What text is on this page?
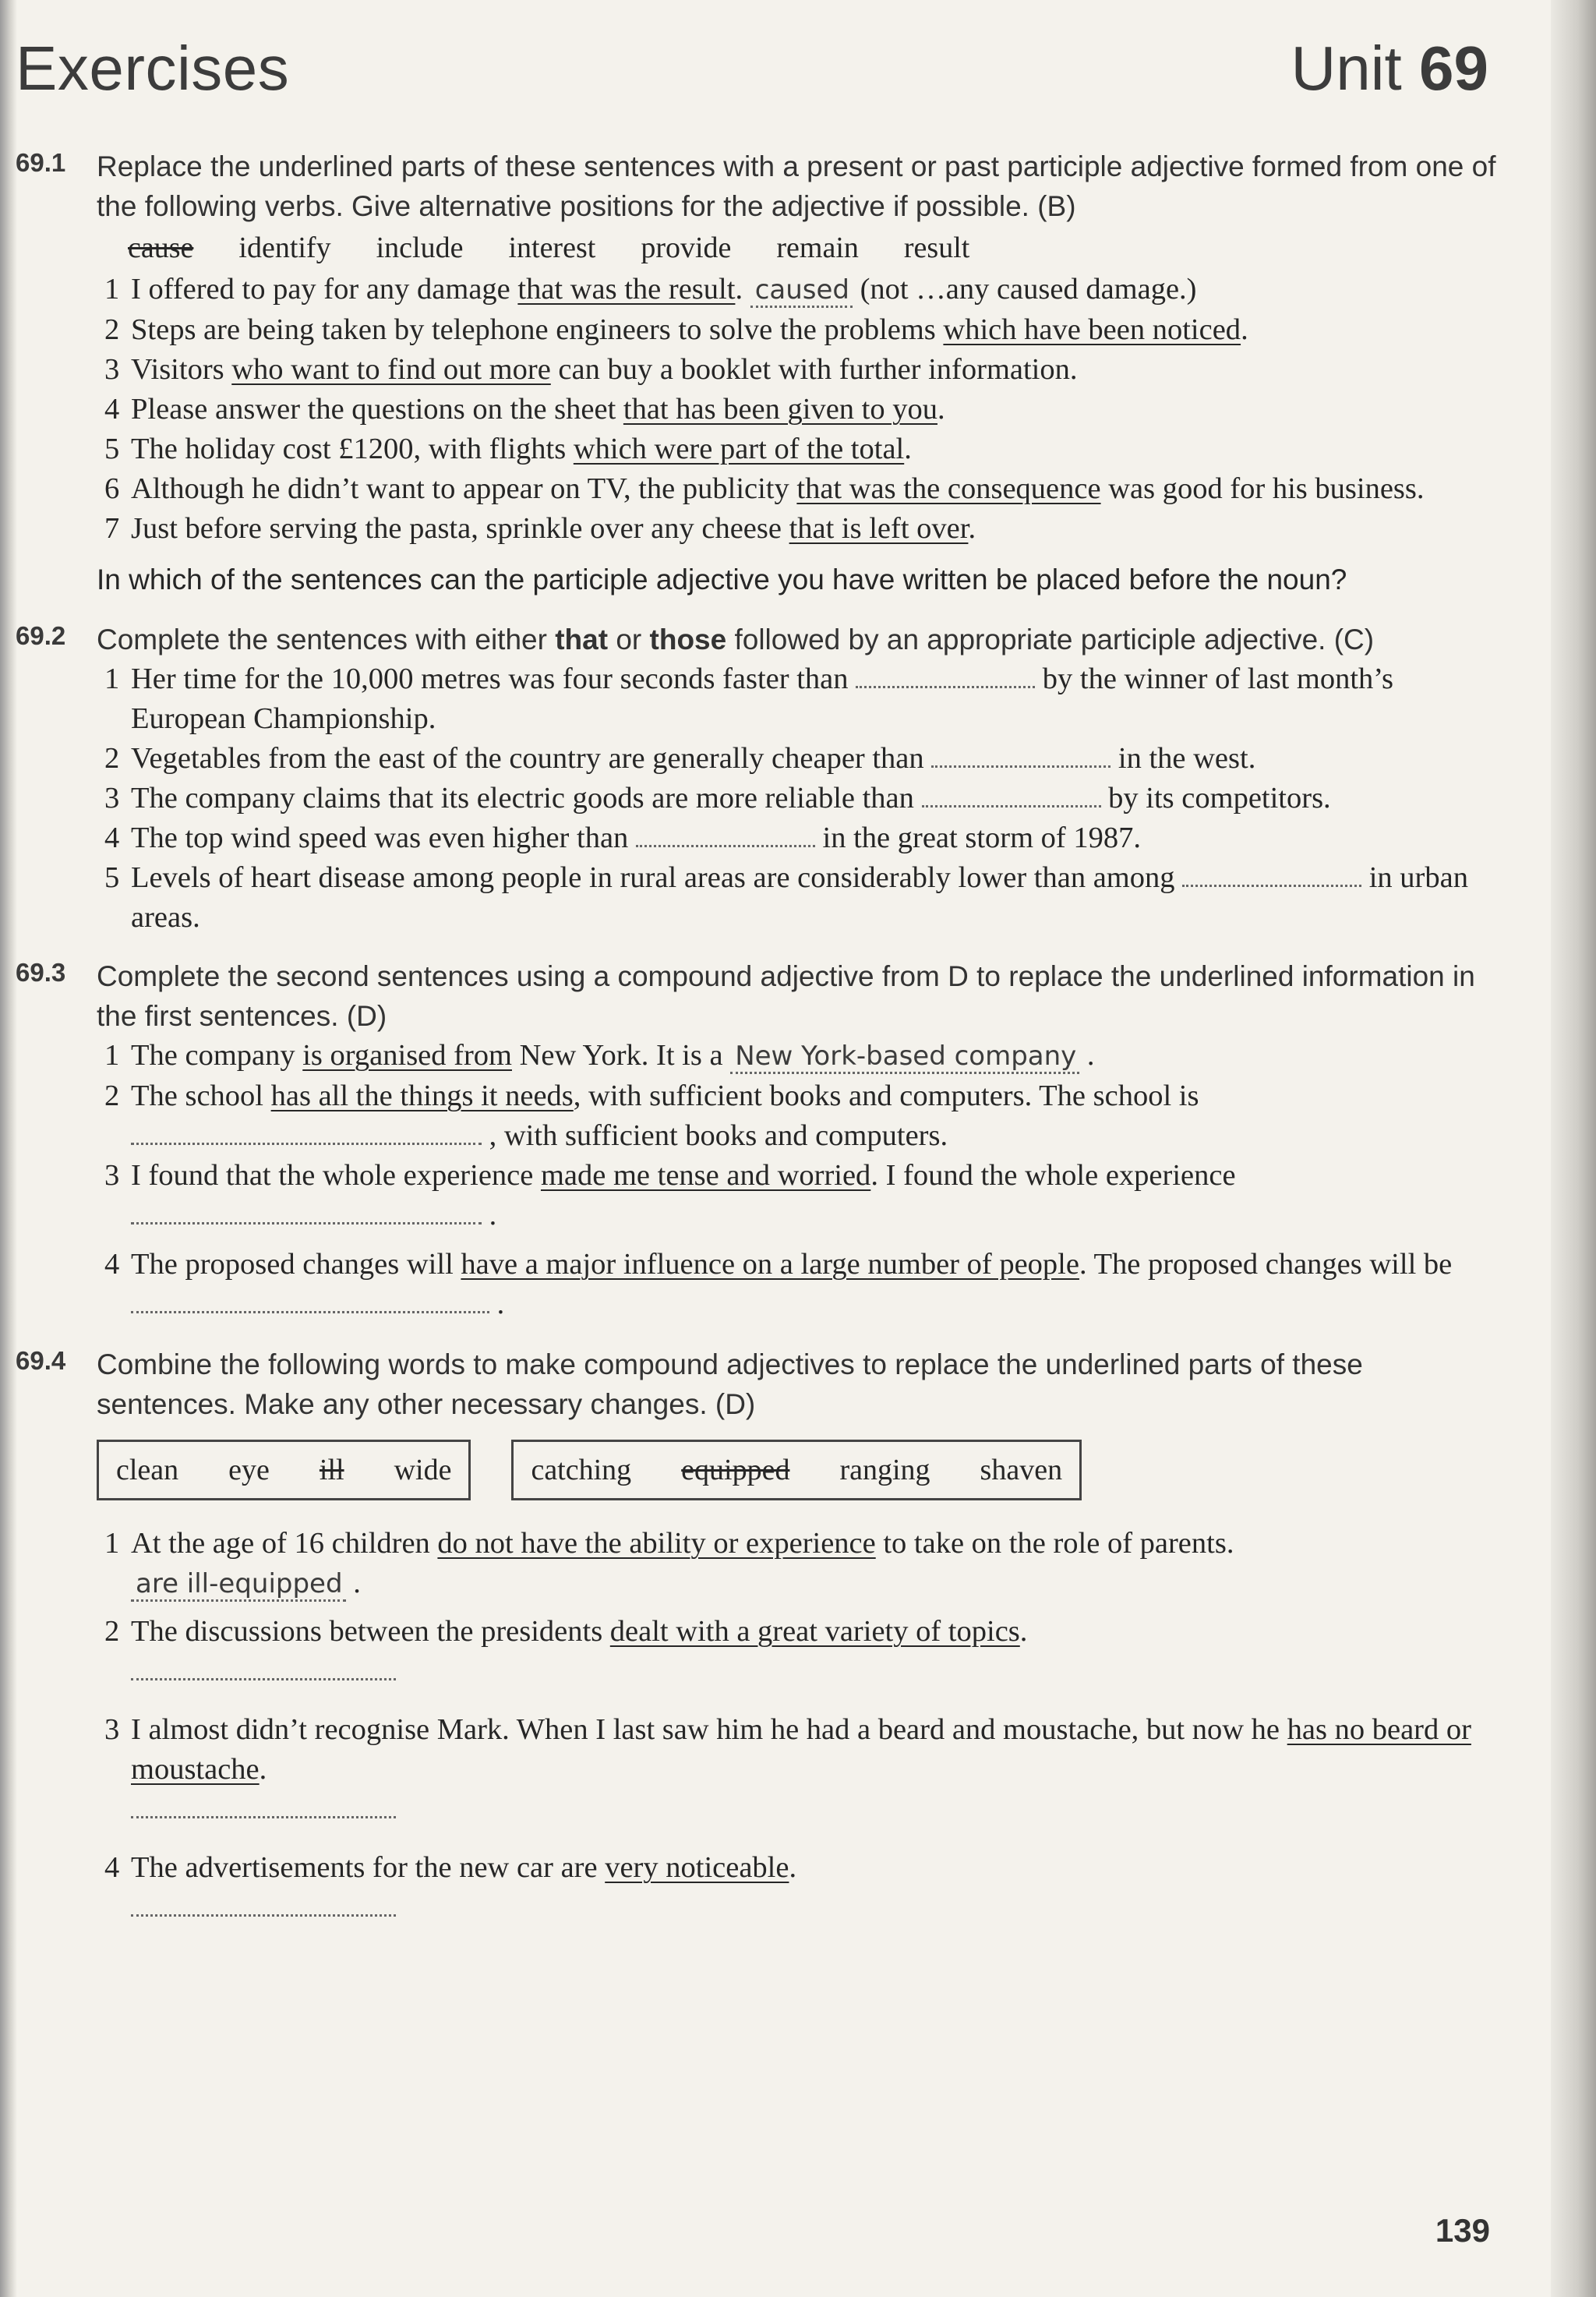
Exercises	Unit 69
69.1 Replace the underlined parts of these sentences with a present or past participle adjective formed from one of the following verbs. Give alternative positions for the adjective if possible. (B)
cause identify include interest provide remain result
1 I offered to pay for any damage that was the result. caused (not …any caused damage.)
2 Steps are being taken by telephone engineers to solve the problems which have been noticed.
3 Visitors who want to find out more can buy a booklet with further information.
4 Please answer the questions on the sheet that has been given to you.
5 The holiday cost £1200, with flights which were part of the total.
6 Although he didn’t want to appear on TV, the publicity that was the consequence was good for his business.
7 Just before serving the pasta, sprinkle over any cheese that is left over.
In which of the sentences can the participle adjective you have written be placed before the noun?
69.2 Complete the sentences with either that or those followed by an appropriate participle adjective. (C)
1 Her time for the 10,000 metres was four seconds faster than	by the winner of last month’s European Championship.
2 Vegetables from the east of the country are generally cheaper than	in the west.
3 The company claims that its electric goods are more reliable than	by its competitors.
4 The top wind speed was even higher than	in the great storm of 1987.
5 Levels of heart disease among people in rural areas are considerably lower than among	in urban areas.
69.3 Complete the second sentences using a compound adjective from D to replace the underlined information in the first sentences. (D)
1 The company is organised from New York. It is a New York-based company .
2 The school has all the things it needs, with sufficient books and computers. The school is
, with sufficient books and computers.
3 I found that the whole experience made me tense and worried. I found the whole experience
.
4 The proposed changes will have a major influence on a large number of people. The proposed changes will be  .
69.4 Combine the following words to make compound adjectives to replace the underlined parts of these sentences. Make any other necessary changes. (D)
clean eye ill wide	catching equipped ranging shaven
1 At the age of 16 children do not have the ability or experience to take on the role of parents.
are ill-equipped .
2 The discussions between the presidents dealt with a great variety of topics.

3 I almost didn’t recognise Mark. When I last saw him he had a beard and moustache, but now he has no beard or moustache.

4 The advertisements for the new car are very noticeable.

139
